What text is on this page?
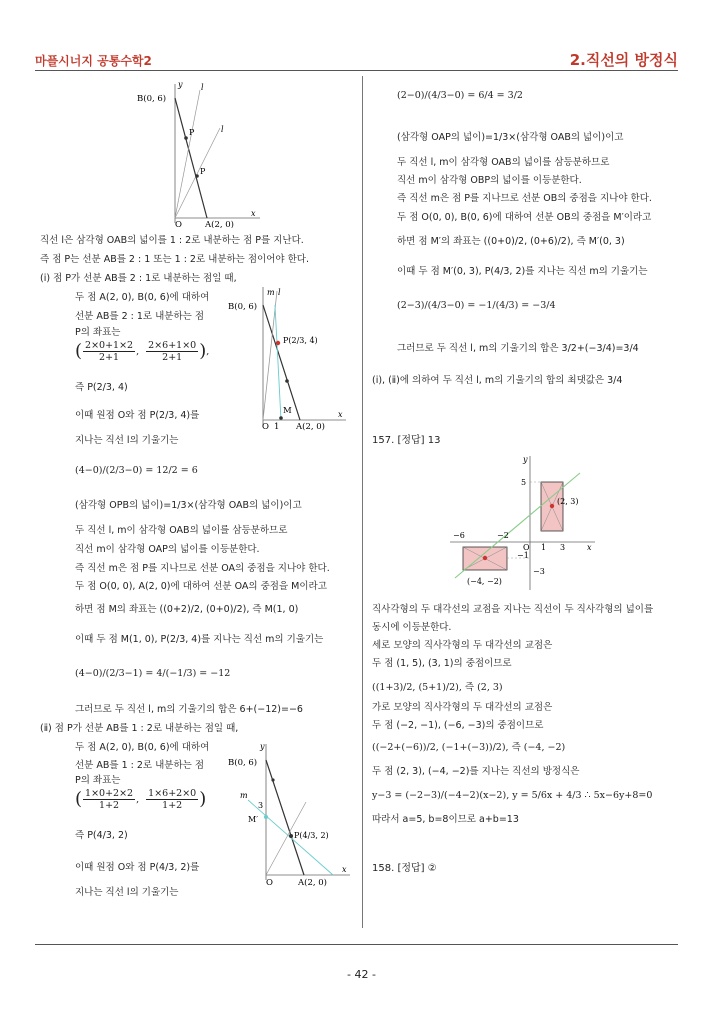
마플시너지 공통수학2	2.직선의 방정식
y
x
B(0, 6)
A(2, 0)
O
l
l
P
P
직선 l은 삼각형 OAB의 넓이를 1 : 2로 내분하는 점 P를 지난다.
즉 점 P는 선분 AB를 2 : 1 또는 1 : 2로 내분하는 점이어야 한다.
(ⅰ) 점 P가 선분 AB를 2 : 1로 내분하는 점일 때,
두 점 A(2, 0), B(0, 6)에 대하여
선분 AB를 2 : 1로 내분하는 점
P의 좌표는
( $\frac{2\times 0+1\times 2}{2+1}$ , $\frac{2\times 6+1\times 0}{2+1}$ ),
즉 P(2/3, 4)
이때 원점 O와 점 P(2/3, 4)를
지나는 직선 l의 기울기는
(4−0)/(2/3−0) = 12/2 = 6
x
B(0, 6)
A(2, 0)
O 1
M
m l
P(2/3, 4)
(삼각형 OPB의 넓이)=1/3×(삼각형 OAB의 넓이)이고
두 직선 l, m이 삼각형 OAB의 넓이를 삼등분하므로
직선 m이 삼각형 OAP의 넓이를 이등분한다.
즉 직선 m은 점 P를 지나므로 선분 OA의 중점을 지나야 한다.
두 점 O(0, 0), A(2, 0)에 대하여 선분 OA의 중점을 M이라고
하면 점 M의 좌표는 ((0+2)/2, (0+0)/2), 즉 M(1, 0)
이때 두 점 M(1, 0), P(2/3, 4)를 지나는 직선 m의 기울기는
(4−0)/(2/3−1) = 4/(−1/3) = −12
그러므로 두 직선 l, m의 기울기의 합은 6+(−12)=−6
(ⅱ) 점 P가 선분 AB를 1 : 2로 내분하는 점일 때,
두 점 A(2, 0), B(0, 6)에 대하여
선분 AB를 1 : 2로 내분하는 점
P의 좌표는
( $\frac{1\times 0+2\times 2}{1+2}$ , $\frac{1\times 6+2\times 0}{1+2}$ )
즉 P(4/3, 2)
이때 원점 O와 점 P(4/3, 2)를
지나는 직선 l의 기울기는
y
x
B(0, 6)
A(2, 0)
O
m
3
M′
P(4/3, 2)
(2−0)/(4/3−0) = 6/4 = 3/2
(삼각형 OAP의 넓이)=1/3×(삼각형 OAB의 넓이)이고
두 직선 l, m이 삼각형 OAB의 넓이를 삼등분하므로
직선 m이 삼각형 OBP의 넓이를 이등분한다.
즉 직선 m은 점 P를 지나므로 선분 OB의 중점을 지나야 한다.
두 점 O(0, 0), B(0, 6)에 대하여 선분 OB의 중점을 M′이라고
하면 점 M′의 좌표는 ((0+0)/2, (0+6)/2), 즉 M′(0, 3)
이때 두 점 M′(0, 3), P(4/3, 2)를 지나는 직선 m의 기울기는
(2−3)/(4/3−0) = −1/(4/3) = −3/4
그러므로 두 직선 l, m의 기울기의 합은 3/2+(−3/4)=3/4
(ⅰ), (ⅱ)에 의하여 두 직선 l, m의 기울기의 합의 최댓값은 3/4
157. [정답] 13
y
x
5
1 3
O
−1
−2
−3
−6
(2, 3)
(−4, −2)
직사각형의 두 대각선의 교점을 지나는 직선이 두 직사각형의 넓이를
동시에 이등분한다.
세로 모양의 직사각형의 두 대각선의 교점은
두 점 (1, 5), (3, 1)의 중점이므로
((1+3)/2, (5+1)/2), 즉 (2, 3)
가로 모양의 직사각형의 두 대각선의 교점은
두 점 (−2, −1), (−6, −3)의 중점이므로
((−2+(−6))/2, (−1+(−3))/2), 즉 (−4, −2)
두 점 (2, 3), (−4, −2)를 지나는 직선의 방정식은
y−3 = (−2−3)/(−4−2)(x−2), y = 5/6x + 4/3 ∴ 5x−6y+8=0
따라서 a=5, b=8이므로 a+b=13
158. [정답] ②
- 42 -
